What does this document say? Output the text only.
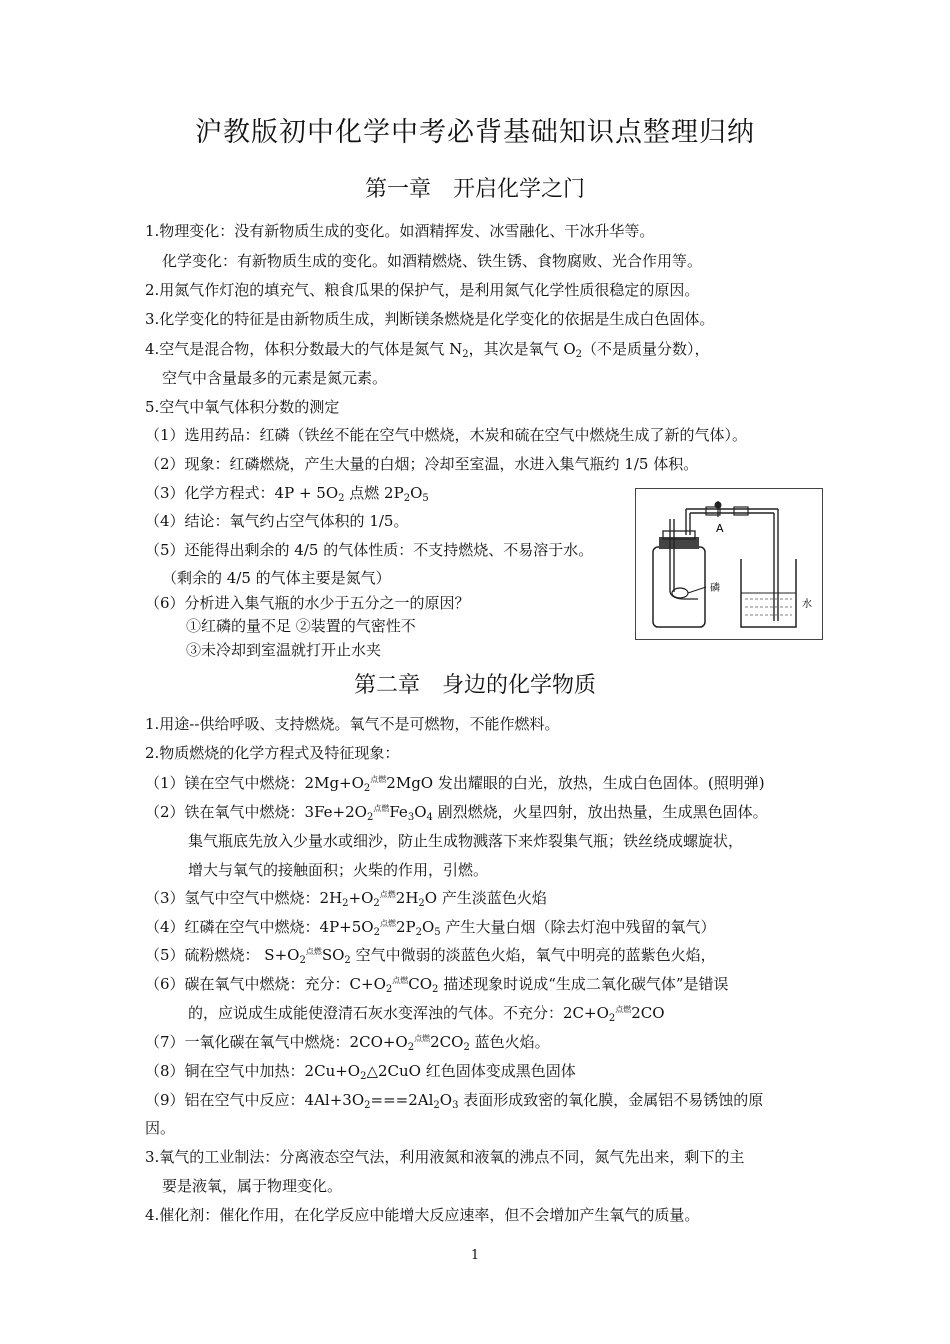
沪教版初中化学中考必背基础知识点整理归纳
第一章　开启化学之门
1.物理变化：没有新物质生成的变化。如酒精挥发、冰雪融化、干冰升华等。
化学变化：有新物质生成的变化。如酒精燃烧、铁生锈、食物腐败、光合作用等。
2.用氮气作灯泡的填充气、粮食瓜果的保护气，是利用氮气化学性质很稳定的原因。
3.化学变化的特征是由新物质生成，判断镁条燃烧是化学变化的依据是生成白色固体。
4.空气是混合物，体积分数最大的气体是氮气 $N_2$，其次是氧气 $O_2$（不是质量分数），
空气中含量最多的元素是氮元素。
5.空气中氧气体积分数的测定
（1）选用药品：红磷（铁丝不能在空气中燃烧，木炭和硫在空气中燃烧生成了新的气体）。
（2）现象：红磷燃烧，产生大量的白烟；冷却至室温，水进入集气瓶约 1/5 体积。
（3）化学方程式：$4P + 5O_2$ 点燃 $2P_2O_5$
（4）结论：氧气约占空气体积的 1/5。
（5）还能得出剩余的 4/5 的气体性质：不支持燃烧、不易溶于水。
（剩余的 4/5 的气体主要是氮气）
（6）分析进入集气瓶的水少于五分之一的原因？
①红磷的量不足 ②装置的气密性不
③未冷却到室温就打开止水夹
A
磷
水
第二章　身边的化学物质
1.用途--供给呼吸、支持燃烧。氧气不是可燃物，不能作燃料。
2.物质燃烧的化学方程式及特征现象：
（1）镁在空气中燃烧：$2Mg+O_2^{点燃}2MgO$ 发出耀眼的白光，放热，生成白色固体。(照明弹)
（2）铁在氧气中燃烧：$3Fe+2O_2^{点燃}Fe_3O_4$ 剧烈燃烧，火星四射，放出热量，生成黑色固体。
集气瓶底先放入少量水或细沙，防止生成物溅落下来炸裂集气瓶；铁丝绕成螺旋状，
增大与氧气的接触面积；火柴的作用，引燃。
（3）氢气中空气中燃烧：$2H_2+O_2^{点燃}2H_2O$ 产生淡蓝色火焰
（4）红磷在空气中燃烧：$4P+5O_2^{点燃}2P_2O_5$ 产生大量白烟（除去灯泡中残留的氧气）
（5）硫粉燃烧： $S+O_2^{点燃}SO_2$ 空气中微弱的淡蓝色火焰，氧气中明亮的蓝紫色火焰，
（6）碳在氧气中燃烧：充分：$C+O_2^{点燃}CO_2$ 描述现象时说成“生成二氧化碳气体”是错误
的，应说成生成能使澄清石灰水变浑浊的气体。不充分：$2C+O_2^{点燃}2CO$
（7）一氧化碳在氧气中燃烧：$2CO+O_2^{点燃}2CO_2$ 蓝色火焰。
（8）铜在空气中加热：$2Cu+O_2\triangle 2CuO$ 红色固体变成黑色固体
（9）铝在空气中反应：$4Al+3O_2===2Al_2O_3$ 表面形成致密的氧化膜，金属铝不易锈蚀的原
因。
3.氧气的工业制法：分离液态空气法，利用液氮和液氧的沸点不同，氮气先出来，剩下的主
要是液氧，属于物理变化。
4.催化剂：催化作用，在化学反应中能增大反应速率，但不会增加产生氧气的质量。
1
